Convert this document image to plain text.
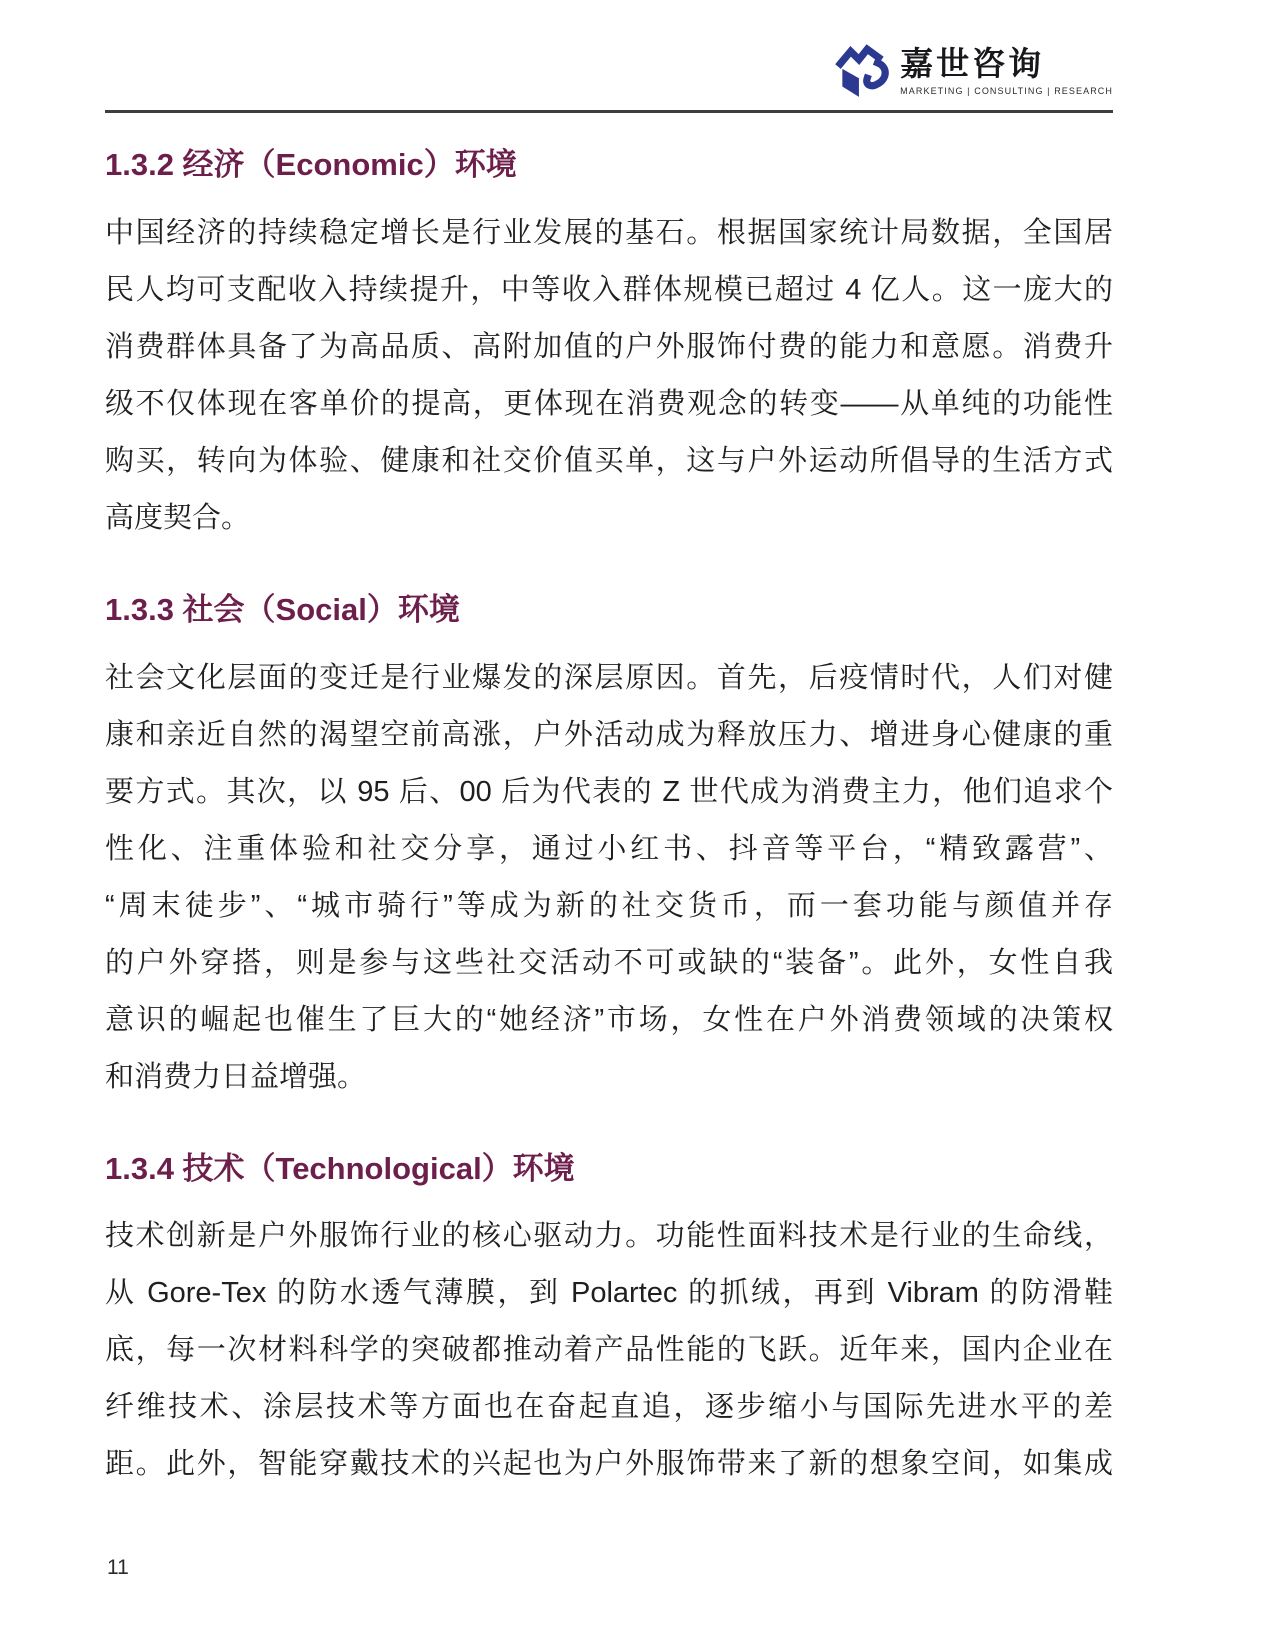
嘉世咨询
MARKETING | CONSULTING | RESEARCH
1.3.2 经济（Economic）环境
中国经济的持续稳定增长是行业发展的基石。根据国家统计局数据，全国居
民人均可支配收入持续提升，中等收入群体规模已超过 4 亿人。这一庞大的
消费群体具备了为高品质、高附加值的户外服饰付费的能力和意愿。消费升
级不仅体现在客单价的提高，更体现在消费观念的转变——从单纯的功能性
购买，转向为体验、健康和社交价值买单，这与户外运动所倡导的生活方式
高度契合。
1.3.3 社会（Social）环境
社会文化层面的变迁是行业爆发的深层原因。首先，后疫情时代，人们对健
康和亲近自然的渴望空前高涨，户外活动成为释放压力、增进身心健康的重
要方式。其次，以 95 后、00 后为代表的 Z 世代成为消费主力，他们追求个
性化、注重体验和社交分享，通过小红书、抖音等平台，“精致露营”、
“周末徒步”、“城市骑行”等成为新的社交货币，而一套功能与颜值并存
的户外穿搭，则是参与这些社交活动不可或缺的“装备”。此外，女性自我
意识的崛起也催生了巨大的“她经济”市场，女性在户外消费领域的决策权
和消费力日益增强。
1.3.4 技术（Technological）环境
技术创新是户外服饰行业的核心驱动力。功能性面料技术是行业的生命线，
从 Gore-Tex 的防水透气薄膜，到 Polartec 的抓绒，再到 Vibram 的防滑鞋
底，每一次材料科学的突破都推动着产品性能的飞跃。近年来，国内企业在
纤维技术、涂层技术等方面也在奋起直追，逐步缩小与国际先进水平的差
距。此外，智能穿戴技术的兴起也为户外服饰带来了新的想象空间，如集成
11
